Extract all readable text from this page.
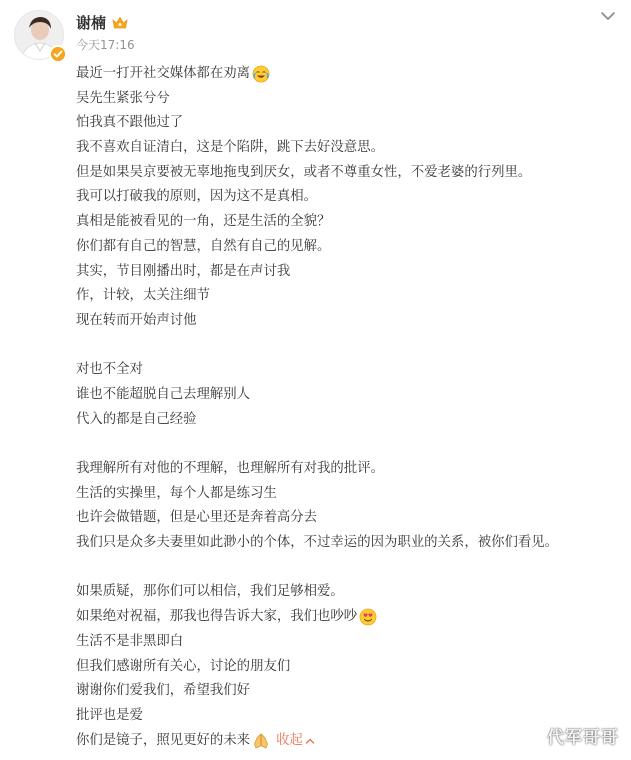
谢楠
今天17:16
最近一打开社交媒体都在劝离
吴先生紧张兮兮
怕我真不跟他过了
我不喜欢自证清白，这是个陷阱，跳下去好没意思。
但是如果吴京要被无辜地拖曳到厌女，或者不尊重女性，不爱老婆的行列里。
我可以打破我的原则，因为这不是真相。
真相是能被看见的一角，还是生活的全貌？
你们都有自己的智慧，自然有自己的见解。
其实，节目刚播出时，都是在声讨我
作，计较，太关注细节
现在转而开始声讨他
对也不全对
谁也不能超脱自己去理解别人
代入的都是自己经验
我理解所有对他的不理解，也理解所有对我的批评。
生活的实操里，每个人都是练习生
也许会做错题，但是心里还是奔着高分去
我们只是众多夫妻里如此渺小的个体，不过幸运的因为职业的关系，被你们看见。
如果质疑，那你们可以相信，我们足够相爱。
如果绝对祝福，那我也得告诉大家，我们也吵吵
生活不是非黑即白
但我们感谢所有关心，讨论的朋友们
谢谢你们爱我们，希望我们好
批评也是爱
你们是镜子，照见更好的未来 收起	代军哥哥
